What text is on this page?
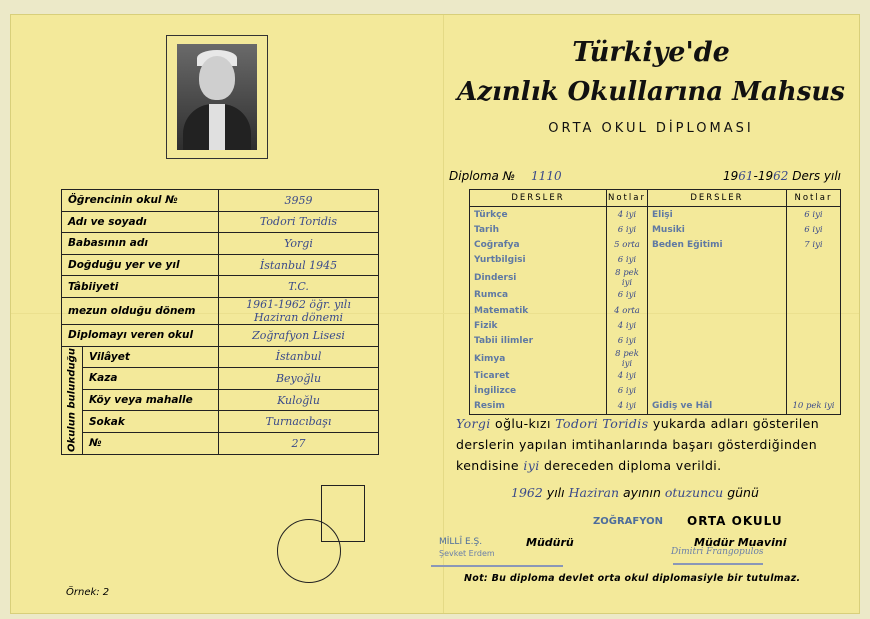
Öğrencinin okul №		3959
Adı ve soyadı		Todori Toridis
Babasının adı		Yorgi
Doğduğu yer ve yıl		İstanbul 1945
Tâbiiyeti		T.C.
mezun olduğu dönem		1961-1962 öğr. yılı Haziran dönemi
Diplomayı veren okul		Zoğrafyon Lisesi

Okulun bulunduğu	Vilâyet	İstanbul
	Kaza	Beyoğlu
	Köy veya mahalle	Kuloğlu
	Sokak	Turnacıbaşı
	№	27
Türkiye'de
Azınlık Okullarına Mahsus
ORTA OKUL DİPLOMASI
Diploma № 1110	1961-1962 Ders yılı
DERSLER	Notlar	DERSLER	Notlar
Türkçe	4 iyi	Elişi	6 iyi
Tarih	6 iyi	Musiki	6 iyi
Coğrafya	5 orta	Beden Eğitimi	7 iyi
Yurtbilgisi	6 iyi		
Dindersi	8 pek iyi		
Rumca	6 iyi		
Matematik	4 orta		
Fizik	4 iyi		
Tabii ilimler	6 iyi		
Kimya	8 pek iyi		
Ticaret	4 iyi		
İngilizce	6 iyi		
Resim	4 iyi	Gidiş ve Hâl	10 pek iyi
Yorgi oğlu-kızı Todori Toridis yukarda adları gösterilen derslerin yapılan imtihanlarında başarı gösterdiğinden kendisine iyi dereceden diploma verildi.
1962 yılı Haziran ayının otuzuncu günü
ZOĞRAFYON ORTA OKULU
MİLLÎ E.Ş.	Müdürü	Müdür Muavini
Şevket Erdem	Dimitri Frangopulos
Not: Bu diploma devlet orta okul diplomasiyle bir tutulmaz.
Örnek: 2
